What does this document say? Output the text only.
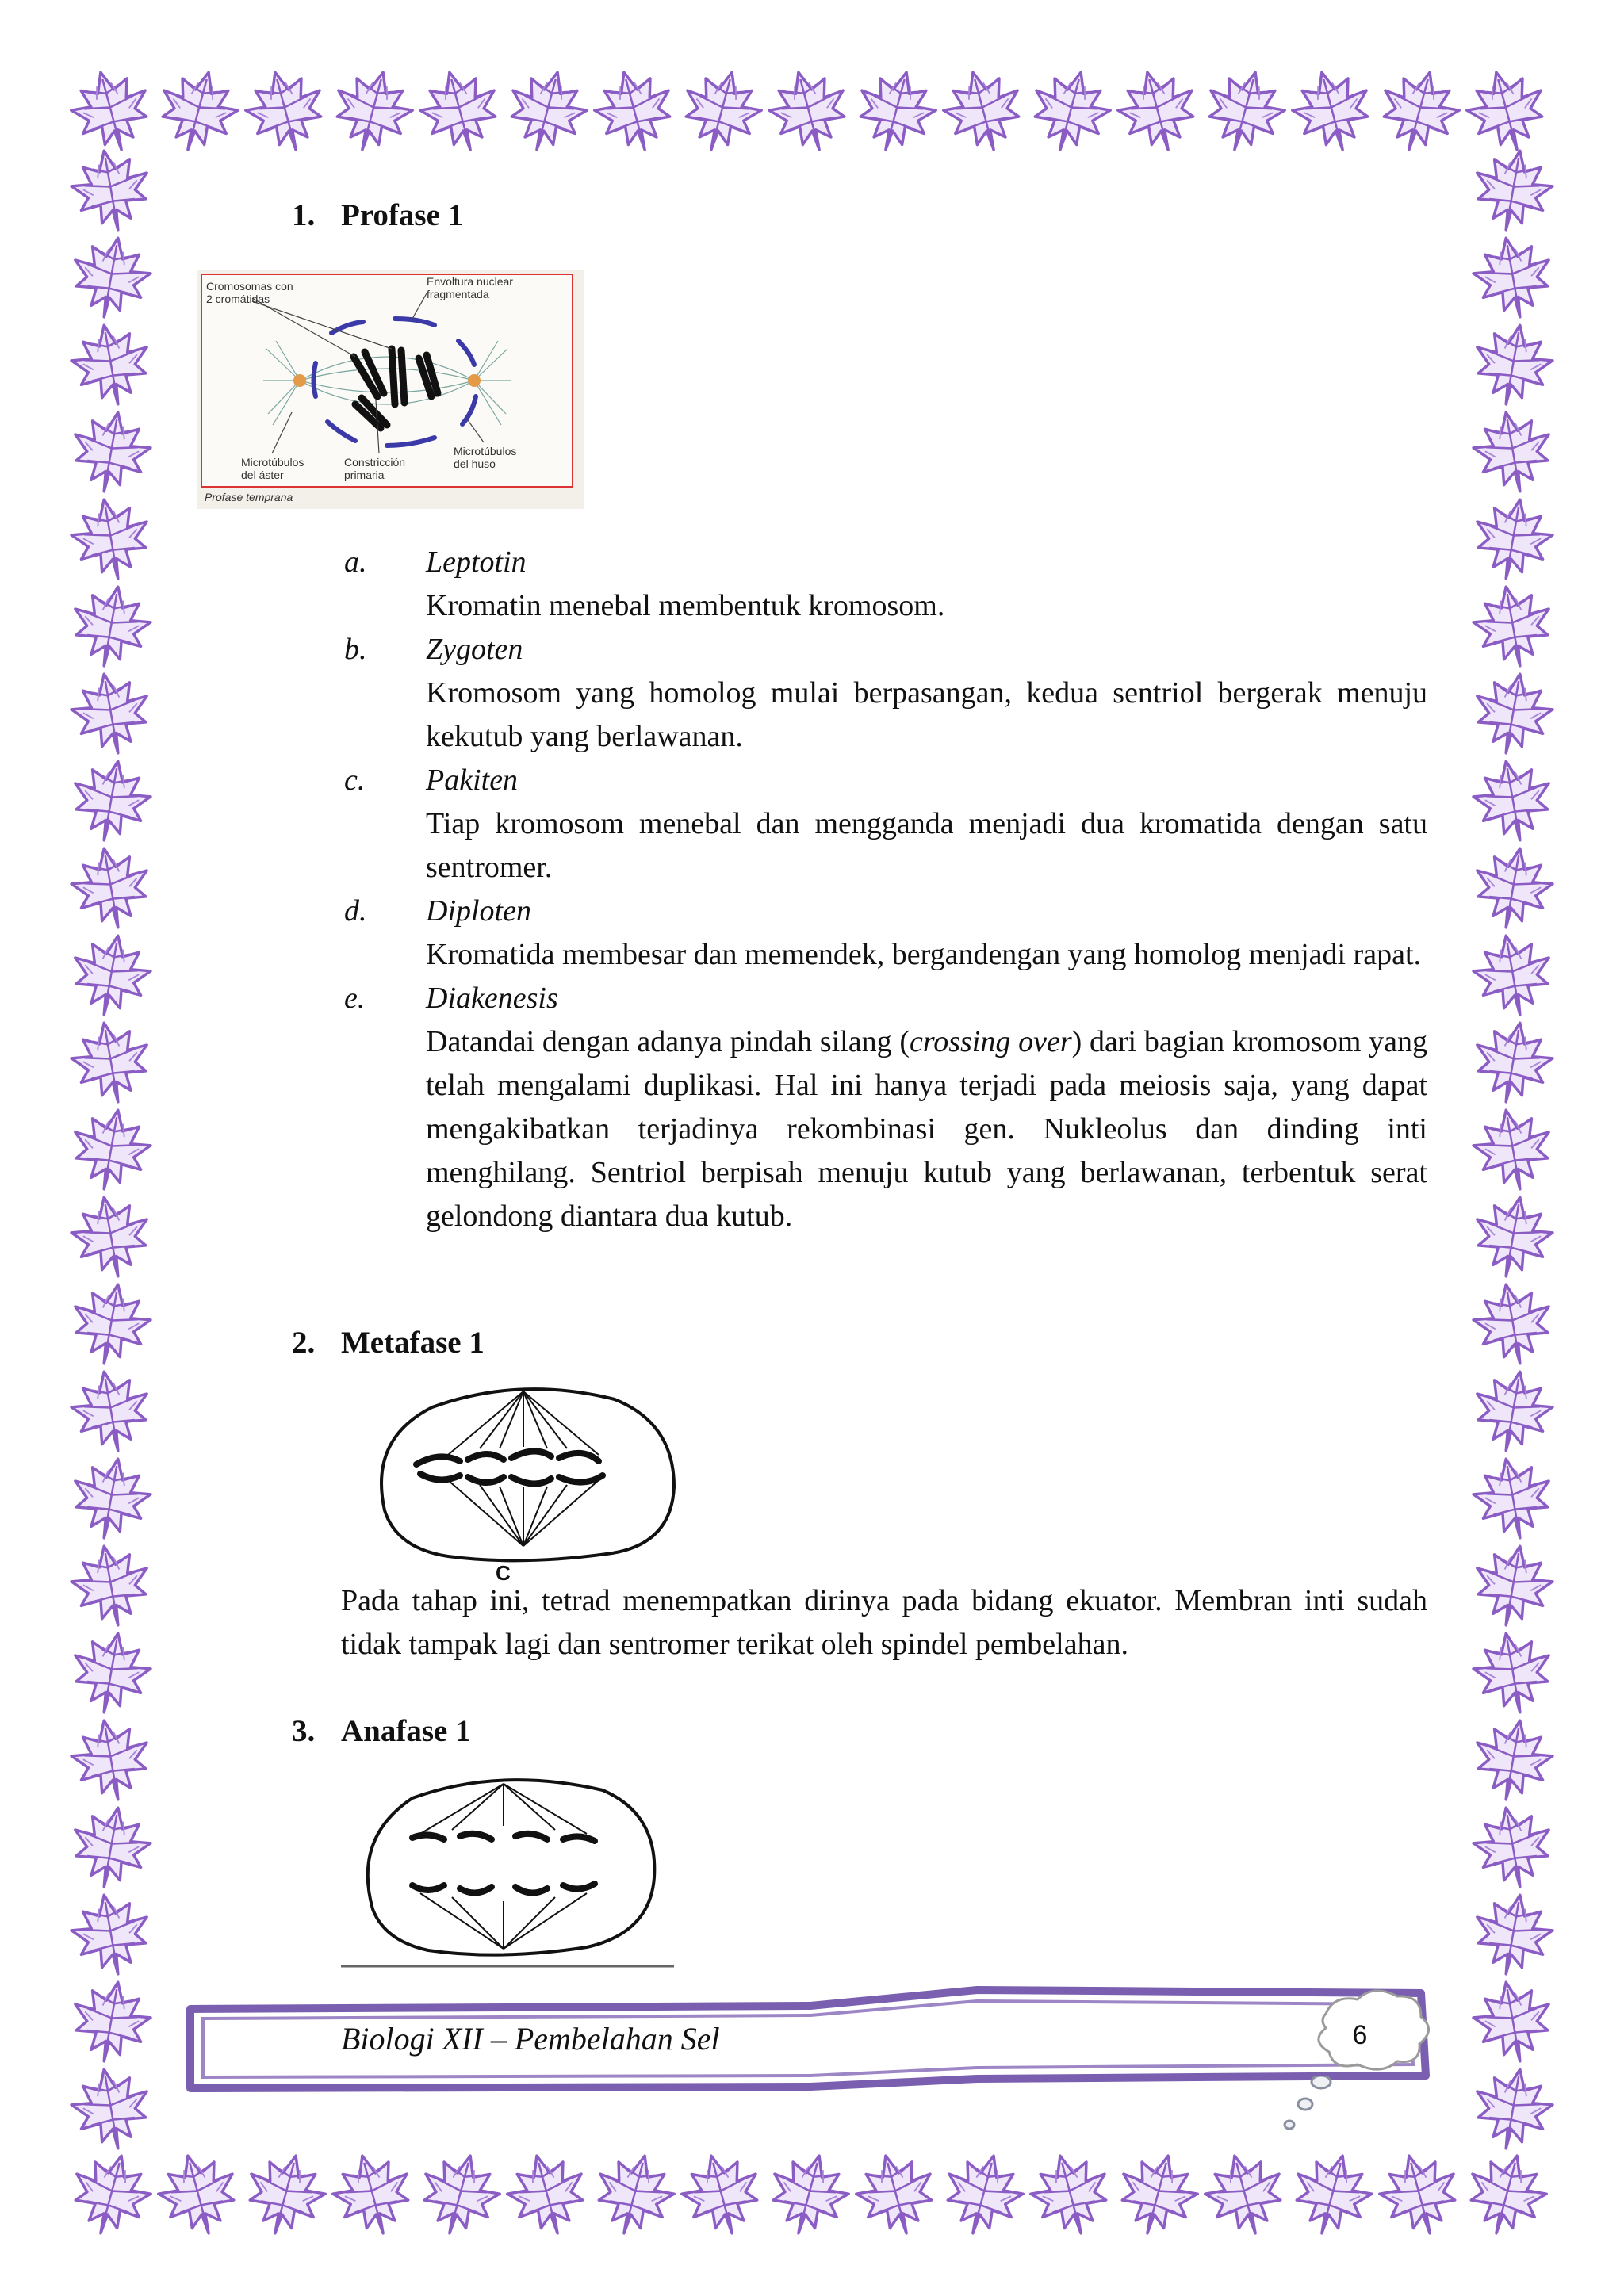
1. Profase 1
Cromosomas con
2 cromátidas
Envoltura nuclear
fragmentada
Microtúbulos
del áster
Constricción
primaria
Microtúbulos
del huso
Profase temprana
a.	Leptotin
Kromatin menebal membentuk kromosom.
b.	Zygoten
Kromosom yang homolog mulai berpasangan, kedua sentriol bergerak menuju kekutub yang berlawanan.
c.	Pakiten
Tiap kromosom menebal dan mengganda menjadi dua kromatida dengan satu sentromer.
d.	Diploten
Kromatida membesar dan memendek, bergandengan yang homolog menjadi rapat.
e.	Diakenesis
Datandai dengan adanya pindah silang (crossing over) dari bagian kromosom yang telah mengalami duplikasi. Hal ini hanya terjadi pada meiosis saja, yang dapat mengakibatkan terjadinya rekombinasi gen. Nukleolus dan dinding inti menghilang. Sentriol berpisah menuju kutub yang berlawanan, terbentuk serat gelondong diantara dua kutub.
2. Metafase 1
C
Pada tahap ini, tetrad menempatkan dirinya pada bidang ekuator. Membran inti sudah tidak tampak lagi dan sentromer terikat oleh spindel pembelahan.
3. Anafase 1
Biologi XII – Pembelahan Sel	6
